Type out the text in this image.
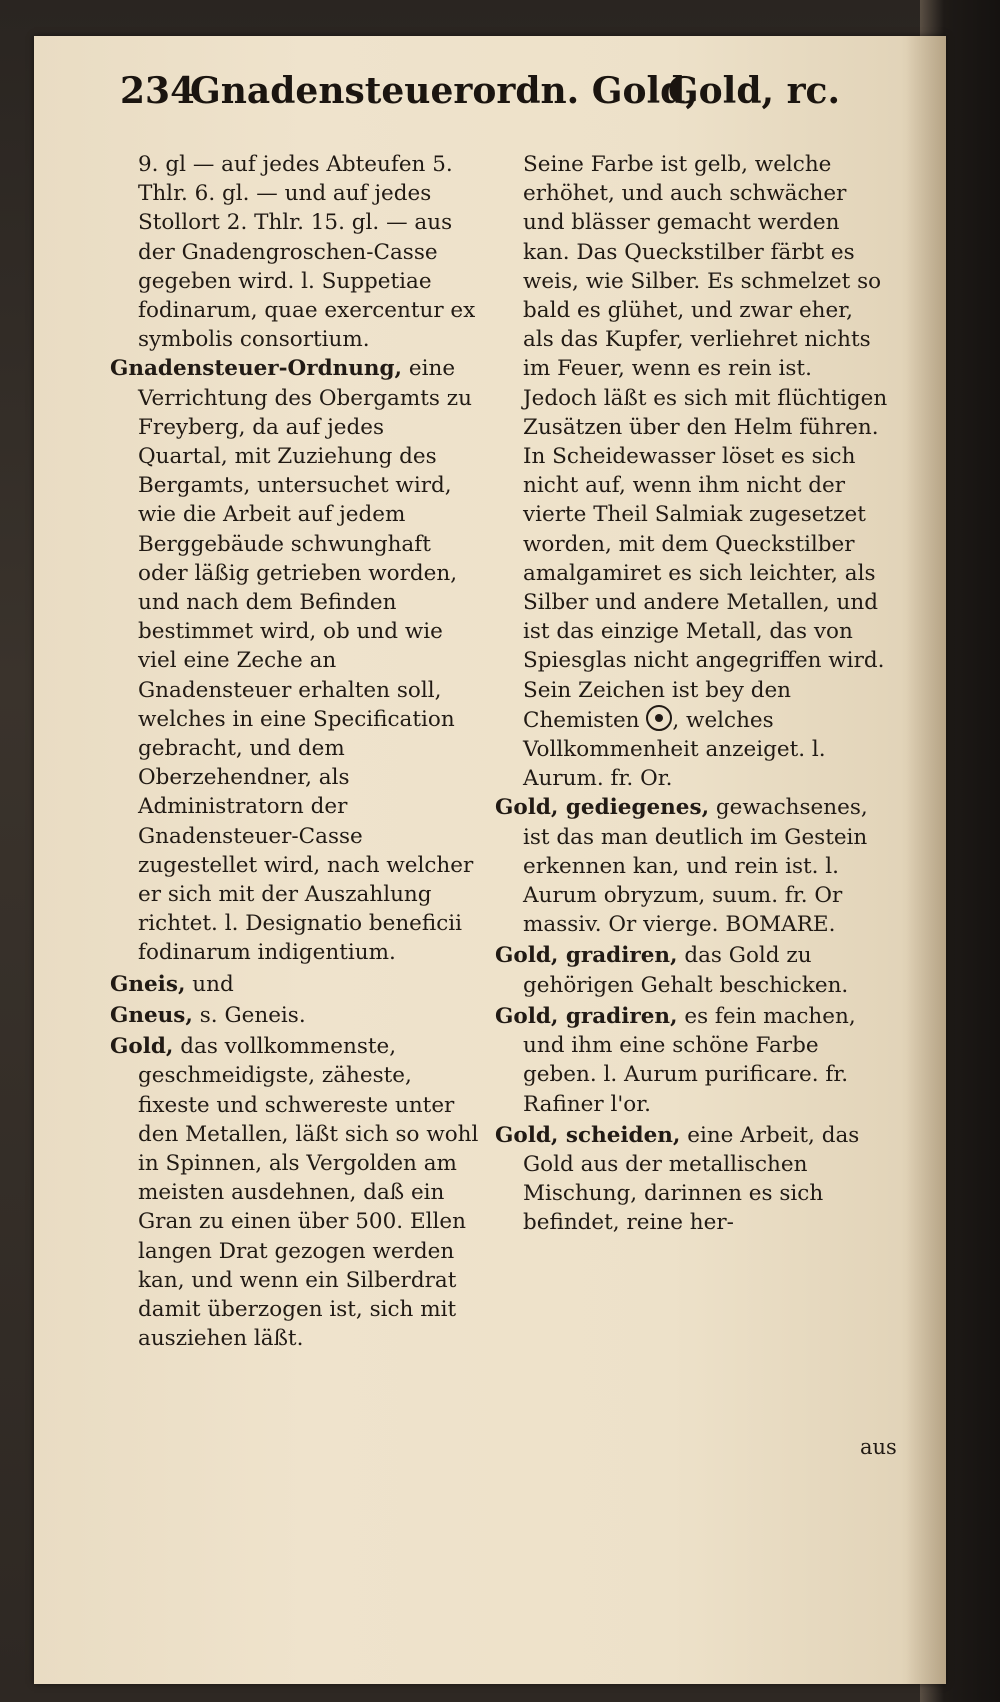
234
Gnadensteuerordn. Gold,
Gold, rc.

9. gl — auf jedes Abteufen 5. Thlr. 6. gl. — und auf jedes Stollort 2. Thlr. 15. gl. — aus der Gnadengroschen-Casse gegeben wird. l. Suppetiae fodinarum, quae exercentur ex symbolis consortium.

Gnadensteuer-Ordnung, eine Verrichtung des Obergamts zu Freyberg, da auf jedes Quartal, mit Zuziehung des Bergamts, untersuchet wird, wie die Arbeit auf jedem Berggebäude schwunghaft oder läßig getrieben worden, und nach dem Befinden bestimmet wird, ob und wie viel eine Zeche an Gnadensteuer erhalten soll, welches in eine Specification gebracht, und dem Oberzehendner, als Administratorn der Gnadensteuer-Casse zugestellet wird, nach welcher er sich mit der Auszahlung richtet. l. Designatio beneficii fodinarum indigentium.

Gneis, und

Gneus, s. Geneis.

Gold, das vollkommenste, geschmeidigste, zäheste, fixeste und schwereste unter den Metallen, läßt sich so wohl in Spinnen, als Vergolden am meisten ausdehnen, daß ein Gran zu einen über 500. Ellen langen Drat gezogen werden kan, und wenn ein Silberdrat damit überzogen ist, sich mit ausziehen läßt.

Seine Farbe ist gelb, welche erhöhet, und auch schwächer und blässer gemacht werden kan. Das Queckstilber färbt es weis, wie Silber. Es schmelzet so bald es glühet, und zwar eher, als das Kupfer, verliehret nichts im Feuer, wenn es rein ist. Jedoch läßt es sich mit flüchtigen Zusätzen über den Helm führen. In Scheidewasser löset es sich nicht auf, wenn ihm nicht der vierte Theil Salmiak zugesetzet worden, mit dem Queckstilber amalgamiret es sich leichter, als Silber und andere Metallen, und ist das einzige Metall, das von Spiesglas nicht angegriffen wird. Sein Zeichen ist bey den Chemisten , welches Vollkommenheit anzeiget. l. Aurum. fr. Or.

Gold, gediegenes, gewachsenes, ist das man deutlich im Gestein erkennen kan, und rein ist. l. Aurum obryzum, suum. fr. Or massiv. Or vierge. BOMARE.

Gold, gradiren, das Gold zu gehörigen Gehalt beschicken.

Gold, gradiren, es fein machen, und ihm eine schöne Farbe geben. l. Aurum purificare. fr. Rafiner l'or.

Gold, scheiden, eine Arbeit, das Gold aus der metallischen Mischung, darinnen es sich befindet, reine her-

aus
